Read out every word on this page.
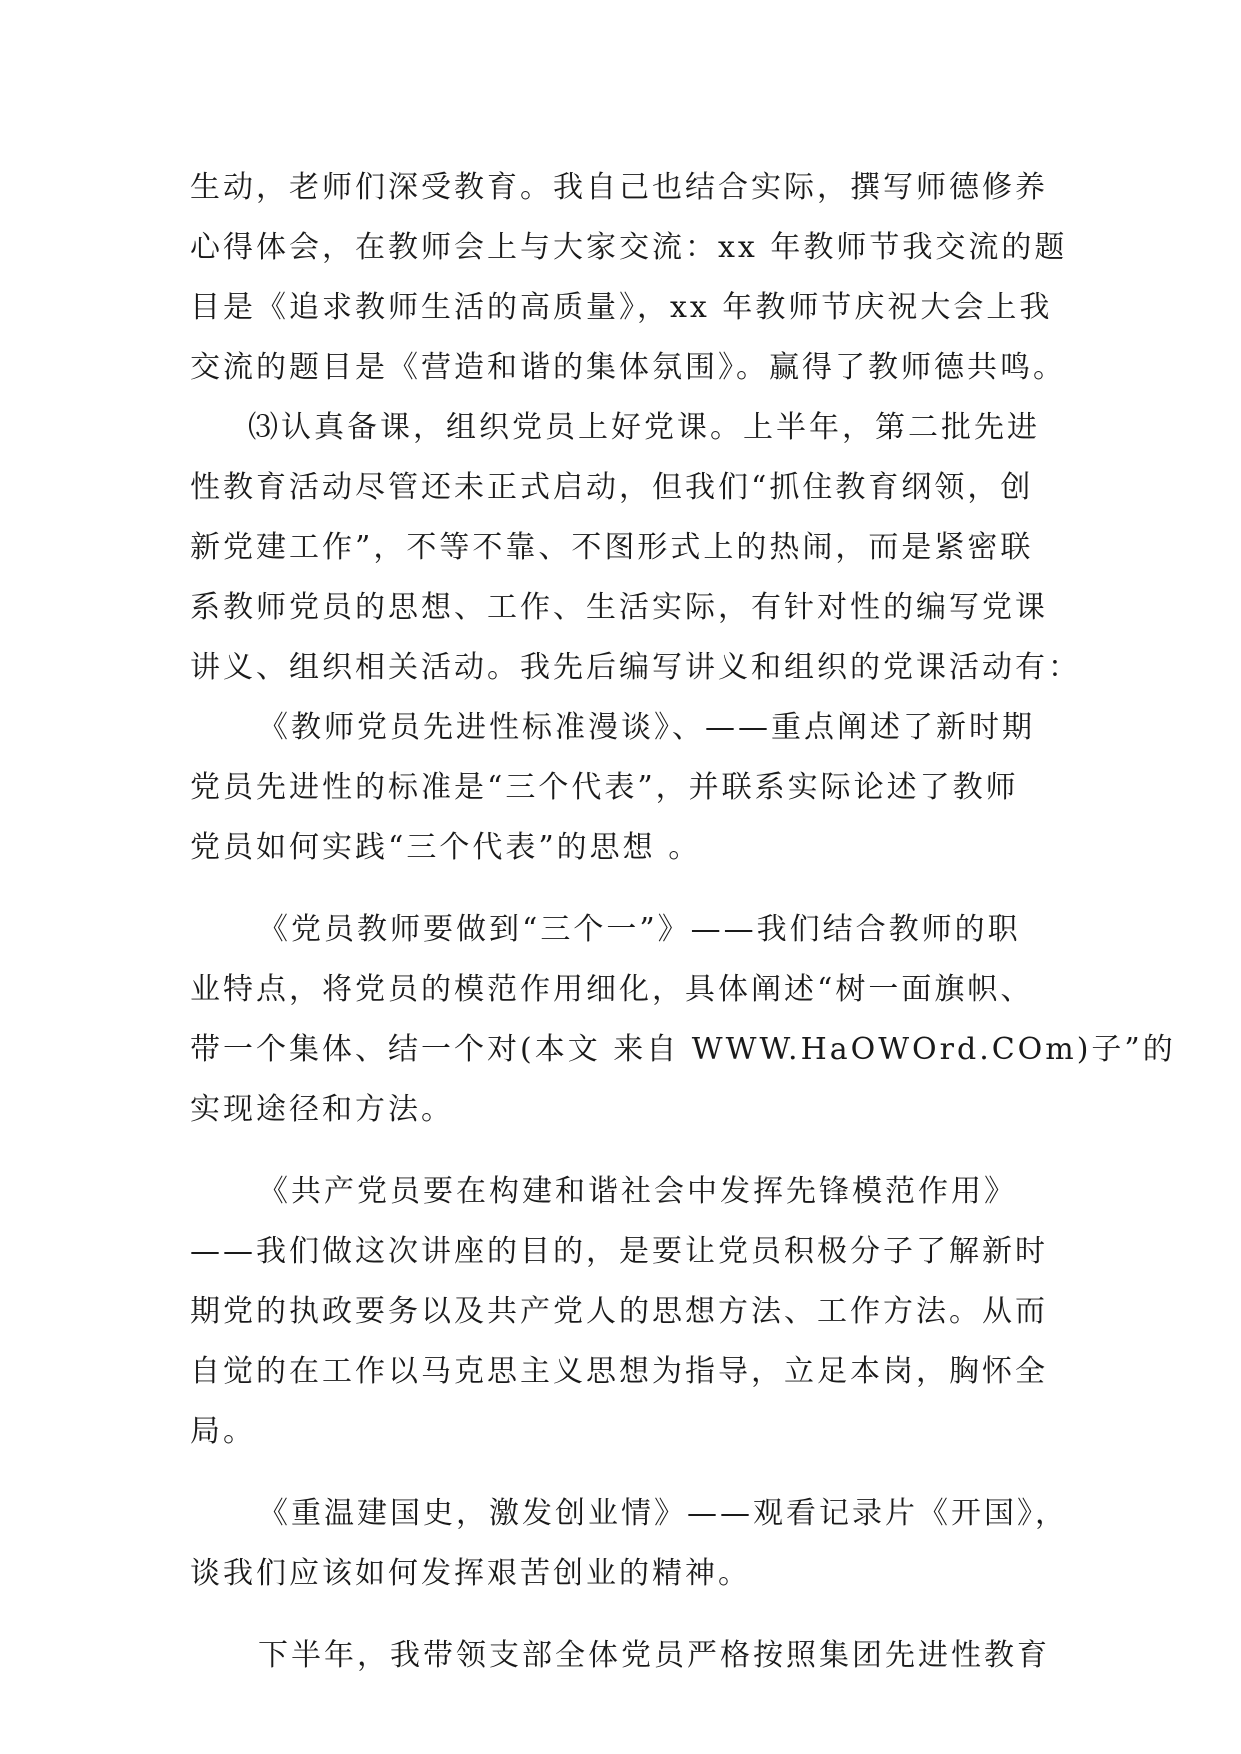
生动，老师们深受教育。我自己也结合实际，撰写师德修养
心得体会，在教师会上与大家交流：xx 年教师节我交流的题
目是《追求教师生活的高质量》，xx 年教师节庆祝大会上我
交流的题目是《营造和谐的集体氛围》。赢得了教师德共鸣。
⑶认真备课，组织党员上好党课。上半年，第二批先进
性教育活动尽管还未正式启动，但我们“抓住教育纲领，创
新党建工作”，不等不靠、不图形式上的热闹，而是紧密联
系教师党员的思想、工作、生活实际，有针对性的编写党课
讲义、组织相关活动。我先后编写讲义和组织的党课活动有：
《教师党员先进性标准漫谈》、——重点阐述了新时期
党员先进性的标准是“三个代表”，并联系实际论述了教师
党员如何实践“三个代表”的思想 。
《党员教师要做到“三个一”》——我们结合教师的职
业特点，将党员的模范作用细化，具体阐述“树一面旗帜、
带一个集体、结一个对(本文 来自 WWW.HaOWOrd.COm)子”的
实现途径和方法。
《共产党员要在构建和谐社会中发挥先锋模范作用》
——我们做这次讲座的目的，是要让党员积极分子了解新时
期党的执政要务以及共产党人的思想方法、工作方法。从而
自觉的在工作以马克思主义思想为指导，立足本岗，胸怀全
局。
《重温建国史，激发创业情》——观看记录片《开国》，
谈我们应该如何发挥艰苦创业的精神。
下半年，我带领支部全体党员严格按照集团先进性教育
